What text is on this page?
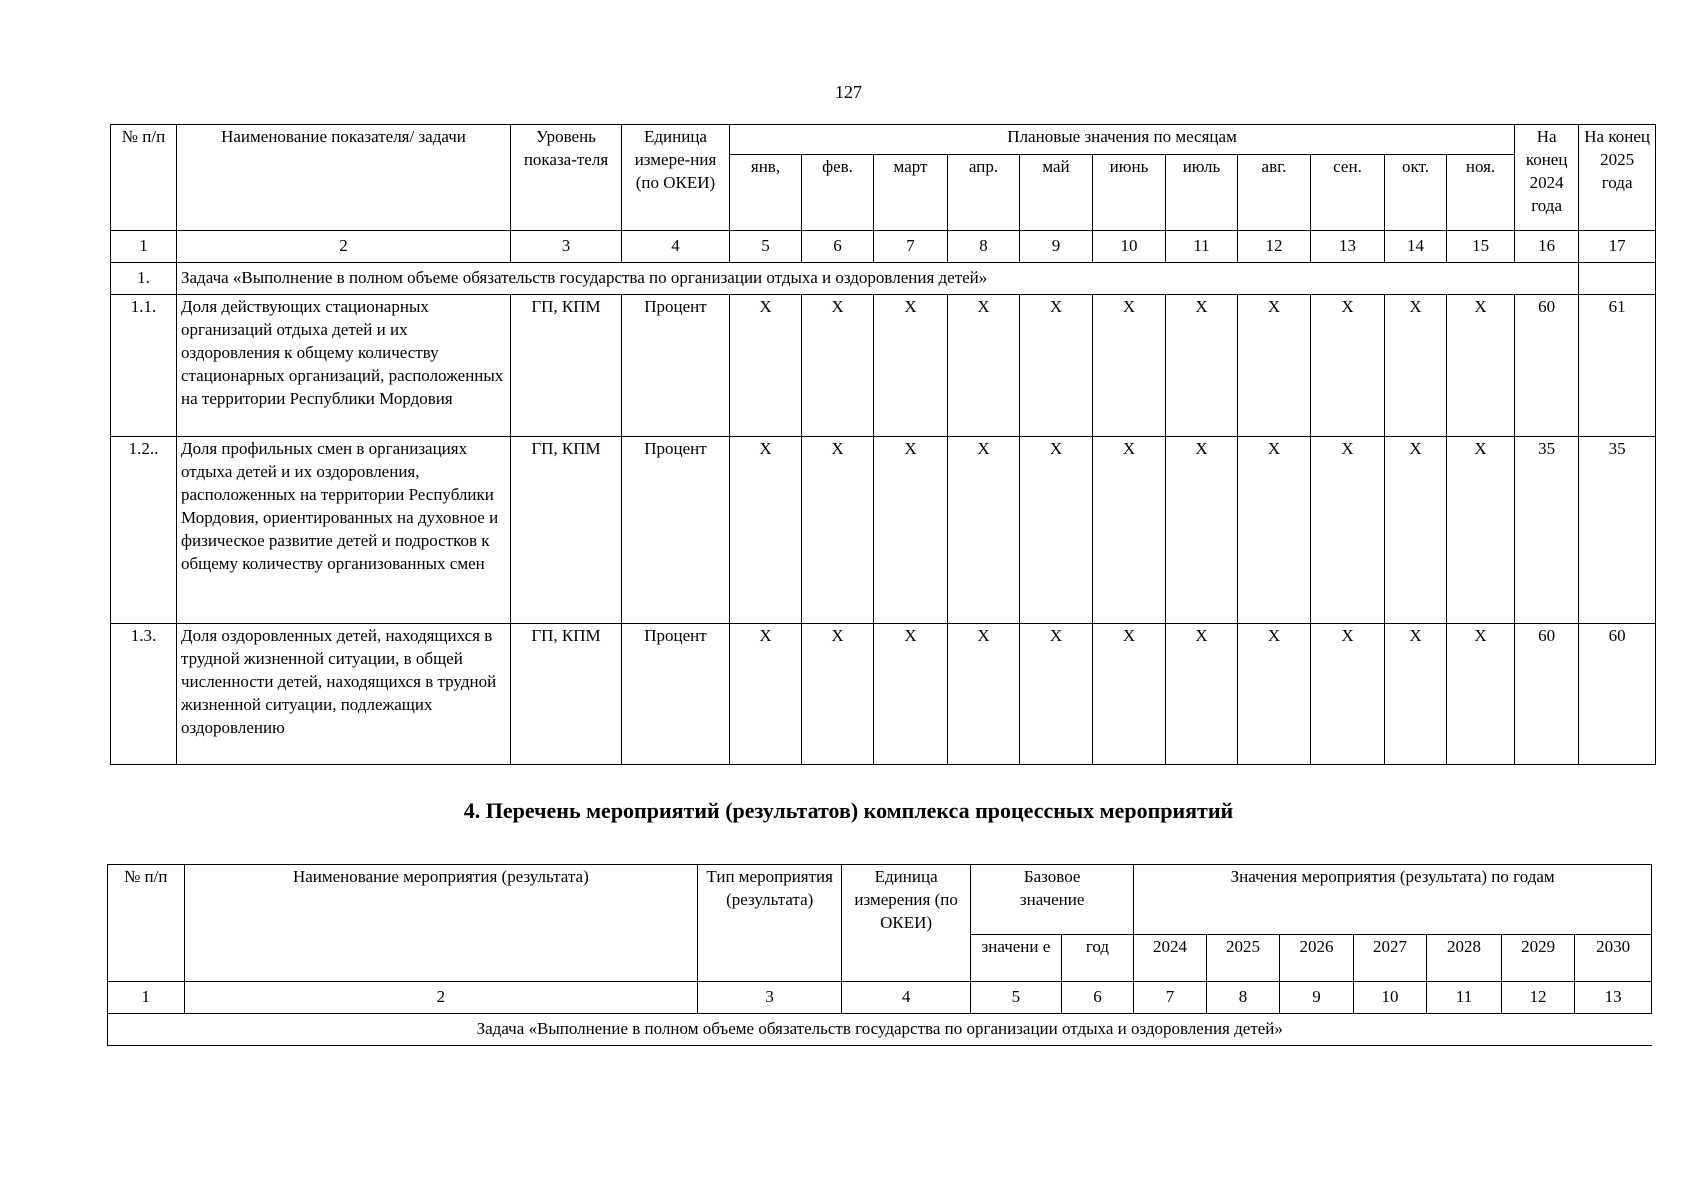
127
№ п/п	Наименование показателя/ задачи	Уровень показа-теля	Единица измере-ния (по ОКЕИ)	Плановые значения по месяцам											На конец 2024 года	На конец 2025 года
				янв,	фев.	март	апр.	май	июнь	июль	авг.	сен.	окт.	ноя.		
1	2	3	4	5	6	7	8	9	10	11	12	13	14	15	16	17
1.	Задача «Выполнение в полном объеме обязательств государства по организации отдыха и оздоровления детей»															
1.1.	Доля действующих стационарных организаций отдыха детей и их оздоровления к общему количеству стационарных организаций, расположенных на территории Республики Мордовия	ГП, КПМ	Процент	Х	Х	Х	Х	Х	Х	Х	Х	Х	Х	Х	60	61
1.2..	Доля профильных смен в организациях отдыха детей и их оздоровления, расположенных на территории Республики Мордовия, ориентированных на духовное и физическое развитие детей и подростков к общему количеству организованных смен	ГП, КПМ	Процент	Х	Х	Х	Х	Х	Х	Х	Х	Х	Х	Х	35	35
1.3.	Доля оздоровленных детей, находящихся в трудной жизненной ситуации, в общей численности детей, находящихся в трудной жизненной ситуации, подлежащих оздоровлению	ГП, КПМ	Процент	Х	Х	Х	Х	Х	Х	Х	Х	Х	Х	Х	60	60
4. Перечень мероприятий (результатов) комплекса процессных мероприятий
№ п/п	Наименование мероприятия (результата)	Тип мероприятия (результата)	Единица измерения (по ОКЕИ)	Базовое значение		Значения мероприятия (результата) по годам						
				значени е	год	2024	2025	2026	2027	2028	2029	2030
1	2	3	4	5	6	7	8	9	10	11	12	13
Задача «Выполнение в полном объеме обязательств государства по организации отдыха и оздоровления детей»												
